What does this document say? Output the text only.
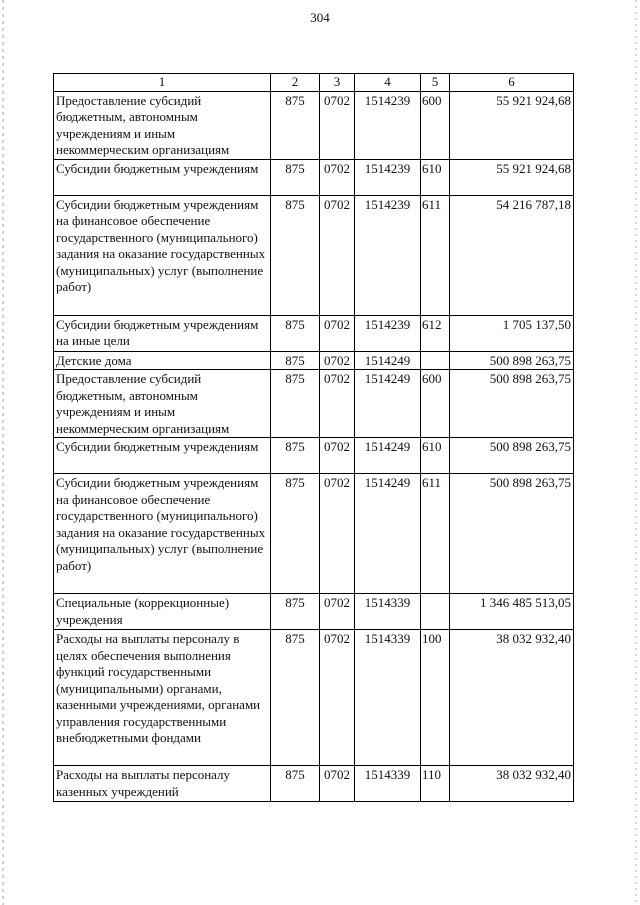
304
1	2	3	4	5	6
Предоставление субсидий бюджетным, автономным учреждениям и иным некоммерческим организациям	875	0702	1514239	600	55 921 924,68
Субсидии бюджетным учреждениям	875	0702	1514239	610	55 921 924,68
Субсидии бюджетным учреждениям на финансовое обеспечение государственного (муниципального) задания на оказание государственных (муниципальных) услуг (выполнение работ)	875	0702	1514239	611	54 216 787,18
Субсидии бюджетным учреждениям на иные цели	875	0702	1514239	612	1 705 137,50
Детские дома	875	0702	1514249		500 898 263,75
Предоставление субсидий бюджетным, автономным учреждениям и иным некоммерческим организациям	875	0702	1514249	600	500 898 263,75
Субсидии бюджетным учреждениям	875	0702	1514249	610	500 898 263,75
Субсидии бюджетным учреждениям на финансовое обеспечение государственного (муниципального) задания на оказание государственных (муниципальных) услуг (выполнение работ)	875	0702	1514249	611	500 898 263,75
Специальные (коррекционные) учреждения	875	0702	1514339		1 346 485 513,05
Расходы на выплаты персоналу в целях обеспечения выполнения функций государственными (муниципальными) органами, казенными учреждениями, органами управления государственными внебюджетными фондами	875	0702	1514339	100	38 032 932,40
Расходы на выплаты персоналу казенных учреждений	875	0702	1514339	110	38 032 932,40
